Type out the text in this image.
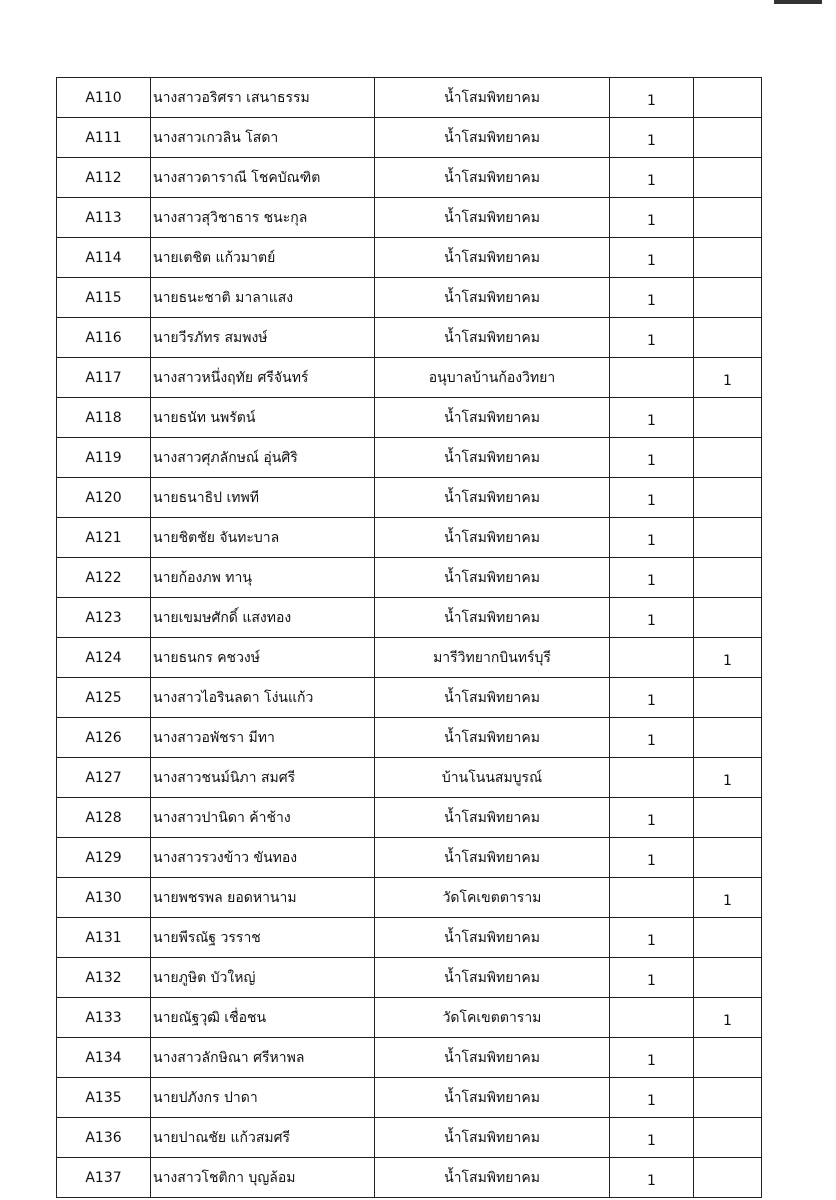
A110	นางสาวอริศรา เสนาธรรม	น้ำโสมพิทยาคม	1	
A111	นางสาวเกวลิน โสดา	น้ำโสมพิทยาคม	1	
A112	นางสาวดาราณี โชคบัณฑิต	น้ำโสมพิทยาคม	1	
A113	นางสาวสุวิชาธาร ชนะกุล	น้ำโสมพิทยาคม	1	
A114	นายเตชิต แก้วมาตย์	น้ำโสมพิทยาคม	1	
A115	นายธนะชาติ มาลาแสง	น้ำโสมพิทยาคม	1	
A116	นายวีรภัทร สมพงษ์	น้ำโสมพิทยาคม	1	
A117	นางสาวหนึ่งฤทัย ศรีจันทร์	อนุบาลบ้านก้องวิทยา		1
A118	นายธนัท นพรัตน์	น้ำโสมพิทยาคม	1	
A119	นางสาวศุภลักษณ์ อุ่นศิริ	น้ำโสมพิทยาคม	1	
A120	นายธนาธิป เทพที	น้ำโสมพิทยาคม	1	
A121	นายชิตชัย จันทะบาล	น้ำโสมพิทยาคม	1	
A122	นายก้องภพ ทานุ	น้ำโสมพิทยาคม	1	
A123	นายเขมษศักดิ์ แสงทอง	น้ำโสมพิทยาคม	1	
A124	นายธนกร คชวงษ์	มารีวิทยากบินทร์บุรี		1
A125	นางสาวไอรินลดา โง่นแก้ว	น้ำโสมพิทยาคม	1	
A126	นางสาวอพัชรา มีทา	น้ำโสมพิทยาคม	1	
A127	นางสาวชนม์นิภา สมศรี	บ้านโนนสมบูรณ์		1
A128	นางสาวปานิดา ค้าช้าง	น้ำโสมพิทยาคม	1	
A129	นางสาวรวงข้าว ขันทอง	น้ำโสมพิทยาคม	1	
A130	นายพชรพล ยอดหานาม	วัดโคเขตตาราม		1
A131	นายพีรณัฐ วรราช	น้ำโสมพิทยาคม	1	
A132	นายภูษิต บัวใหญ่	น้ำโสมพิทยาคม	1	
A133	นายณัฐวุฒิ เชื่อชน	วัดโคเขตตาราม		1
A134	นางสาวลักษิณา ศรีหาพล	น้ำโสมพิทยาคม	1	
A135	นายปภังกร ปาดา	น้ำโสมพิทยาคม	1	
A136	นายปาณชัย แก้วสมศรี	น้ำโสมพิทยาคม	1	
A137	นางสาวโชติกา บุญล้อม	น้ำโสมพิทยาคม	1	
